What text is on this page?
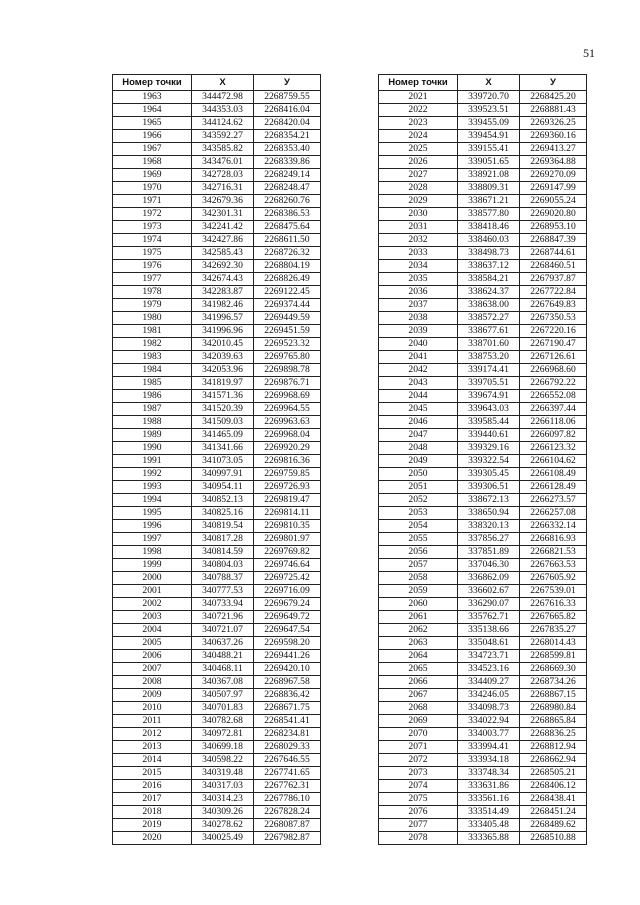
51
Номер точки	X	У
1963	344472.98	2268759.55
1964	344353.03	2268416.04
1965	344124.62	2268420.04
1966	343592.27	2268354.21
1967	343585.82	2268353.40
1968	343476.01	2268339.86
1969	342728.03	2268249.14
1970	342716.31	2268248.47
1971	342679.36	2268260.76
1972	342301.31	2268386.53
1973	342241.42	2268475.64
1974	342427.86	2268611.50
1975	342585.43	2268726.32
1976	342692.30	2268804.19
1977	342674.43	2268826.49
1978	342283.87	2269122.45
1979	341982.46	2269374.44
1980	341996.57	2269449.59
1981	341996.96	2269451.59
1982	342010.45	2269523.32
1983	342039.63	2269765.80
1984	342053.96	2269898.78
1985	341819.97	2269876.71
1986	341571.36	2269968.69
1987	341520.39	2269964.55
1988	341509.03	2269963.63
1989	341465.09	2269968.04
1990	341341.66	2269920.29
1991	341073.05	2269816.36
1992	340997.91	2269759.85
1993	340954.11	2269726.93
1994	340852.13	2269819.47
1995	340825.16	2269814.11
1996	340819.54	2269810.35
1997	340817.28	2269801.97
1998	340814.59	2269769.82
1999	340804.03	2269746.64
2000	340788.37	2269725.42
2001	340777.53	2269716.09
2002	340733.94	2269679.24
2003	340721.96	2269649.72
2004	340721.07	2269647.54
2005	340637.26	2269598.20
2006	340488.21	2269441.26
2007	340468.11	2269420.10
2008	340367.08	2268967.58
2009	340507.97	2268836.42
2010	340701.83	2268671.75
2011	340782.68	2268541.41
2012	340972.81	2268234.81
2013	340699.18	2268029.33
2014	340598.22	2267646.55
2015	340319.48	2267741.65
2016	340317.03	2267762.31
2017	340314.23	2267786.10
2018	340309.26	2267828.24
2019	340278.62	2268087.87
2020	340025.49	2267982.87
Номер точки	X	У
2021	339720.70	2268425.20
2022	339523.51	2268881.43
2023	339455.09	2269326.25
2024	339454.91	2269360.16
2025	339155.41	2269413.27
2026	339051.65	2269364.88
2027	338921.08	2269270.09
2028	338809.31	2269147.99
2029	338671.21	2269055.24
2030	338577.80	2269020.80
2031	338418.46	2268953.10
2032	338460.03	2268847.39
2033	338498.73	2268744.61
2034	338637.12	2268460.51
2035	338584.21	2267937.87
2036	338624.37	2267722.84
2037	338638.00	2267649.83
2038	338572.27	2267350.53
2039	338677.61	2267220.16
2040	338701.60	2267190.47
2041	338753.20	2267126.61
2042	339174.41	2266968.60
2043	339705.51	2266792.22
2044	339674.91	2266552.08
2045	339643.03	2266397.44
2046	339585.44	2266118.06
2047	339440.61	2266097.82
2048	339329.16	2266123.32
2049	339322.54	2266104.62
2050	339305.45	2266108.49
2051	339306.51	2266128.49
2052	338672.13	2266273.57
2053	338650.94	2266257.08
2054	338320.13	2266332.14
2055	337856.27	2266816.93
2056	337851.89	2266821.53
2057	337046.30	2267663.53
2058	336862.09	2267605.92
2059	336602.67	2267539.01
2060	336290.07	2267616.33
2061	335762.71	2267665.82
2062	335138.66	2267835.27
2063	335048.61	2268014.43
2064	334723.71	2268599.81
2065	334523.16	2268669.30
2066	334409.27	2268734.26
2067	334246.05	2268867.15
2068	334098.73	2268980.84
2069	334022.94	2268865.84
2070	334003.77	2268836.25
2071	333994.41	2268812.94
2072	333934.18	2268662.94
2073	333748.34	2268505.21
2074	333631.86	2268406.12
2075	333561.16	2268438.41
2076	333514.49	2268451.24
2077	333405.48	2268489.62
2078	333365.88	2268510.88
